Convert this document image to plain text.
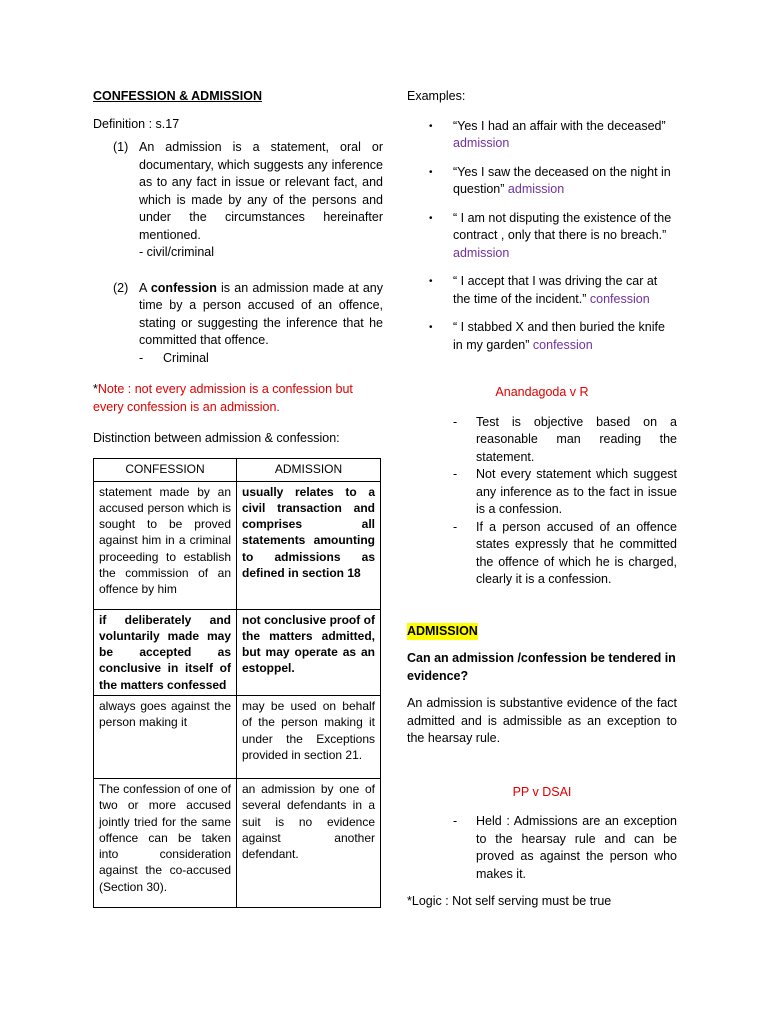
CONFESSION & ADMISSION

Definition : s.17

(1) An admission is a statement, oral or documentary, which suggests any inference as to any fact in issue or relevant fact, and which is made by any of the persons and under the circumstances hereinafter mentioned.
- civil/criminal
(2) A confession is an admission made at any time by a person accused of an offence, stating or suggesting the inference that he committed that offence.
- Criminal

*Note : not every admission is a confession but every confession is an admission.

Distinction between admission & confession:

CONFESSION	ADMISSION
statement made by an accused person which is sought to be proved against him in a criminal proceeding to establish the commission of an offence by him	usually relates to a civil transaction and comprises all statements amounting to admissions as defined in section 18
if deliberately and voluntarily made may be accepted as conclusive in itself of the matters confessed	not conclusive proof of the matters admitted, but may operate as an estoppel.
always goes against the person making it	may be used on behalf of the person making it under the Exceptions provided in section 21.
The confession of one of two or more accused jointly tried for the same offence can be taken into consideration against the co-accused (Section 30).	an admission by one of several defendants in a suit is no evidence against another defendant.

Examples:

• “Yes I had an affair with the deceased” admission
• “Yes I saw the deceased on the night in question” admission
• “ I am not disputing the existence of the contract , only that there is no breach.” admission
• “ I accept that I was driving the car at the time of the incident.” confession
• “ I stabbed X and then buried the knife in my garden” confession

Anandagoda v R

- Test is objective based on a reasonable man reading the statement.
- Not every statement which suggest any inference as to the fact in issue is a confession.
- If a person accused of an offence states expressly that he committed the offence of which he is charged, clearly it is a confession.

ADMISSION

Can an admission /confession be tendered in evidence?

An admission is substantive evidence of the fact admitted and is admissible as an exception to the hearsay rule.

PP v DSAI

- Held : Admissions are an exception to the hearsay rule and can be proved as against the person who makes it.

*Logic : Not self serving must be true
